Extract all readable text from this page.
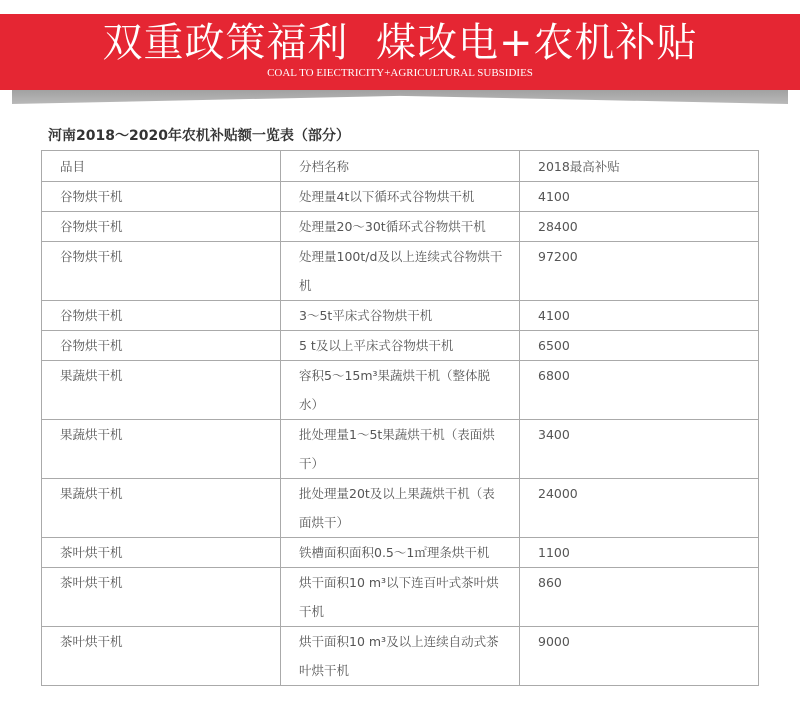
双重政策福利  煤改电+农机补贴
COAL TO EIECTRICITY+AGRICULTURAL SUBSIDIES
河南2018～2020年农机补贴额一览表（部分）
品目	分档名称	2018最高补贴
谷物烘干机	处理量4t以下循环式谷物烘干机	4100
谷物烘干机	处理量20～30t循环式谷物烘干机	28400
谷物烘干机	处理量100t/d及以上连续式谷物烘干机	97200
谷物烘干机	3～5t平床式谷物烘干机	4100
谷物烘干机	5 t及以上平床式谷物烘干机	6500
果蔬烘干机	容积5～15m³果蔬烘干机（整体脱水）	6800
果蔬烘干机	批处理量1～5t果蔬烘干机（表面烘干）	3400
果蔬烘干机	批处理量20t及以上果蔬烘干机（表面烘干）	24000
茶叶烘干机	铁槽面积面积0.5～1㎡理条烘干机	1100
茶叶烘干机	烘干面积10 m³以下连百叶式茶叶烘干机	860
茶叶烘干机	烘干面积10 m³及以上连续自动式茶叶烘干机	9000
